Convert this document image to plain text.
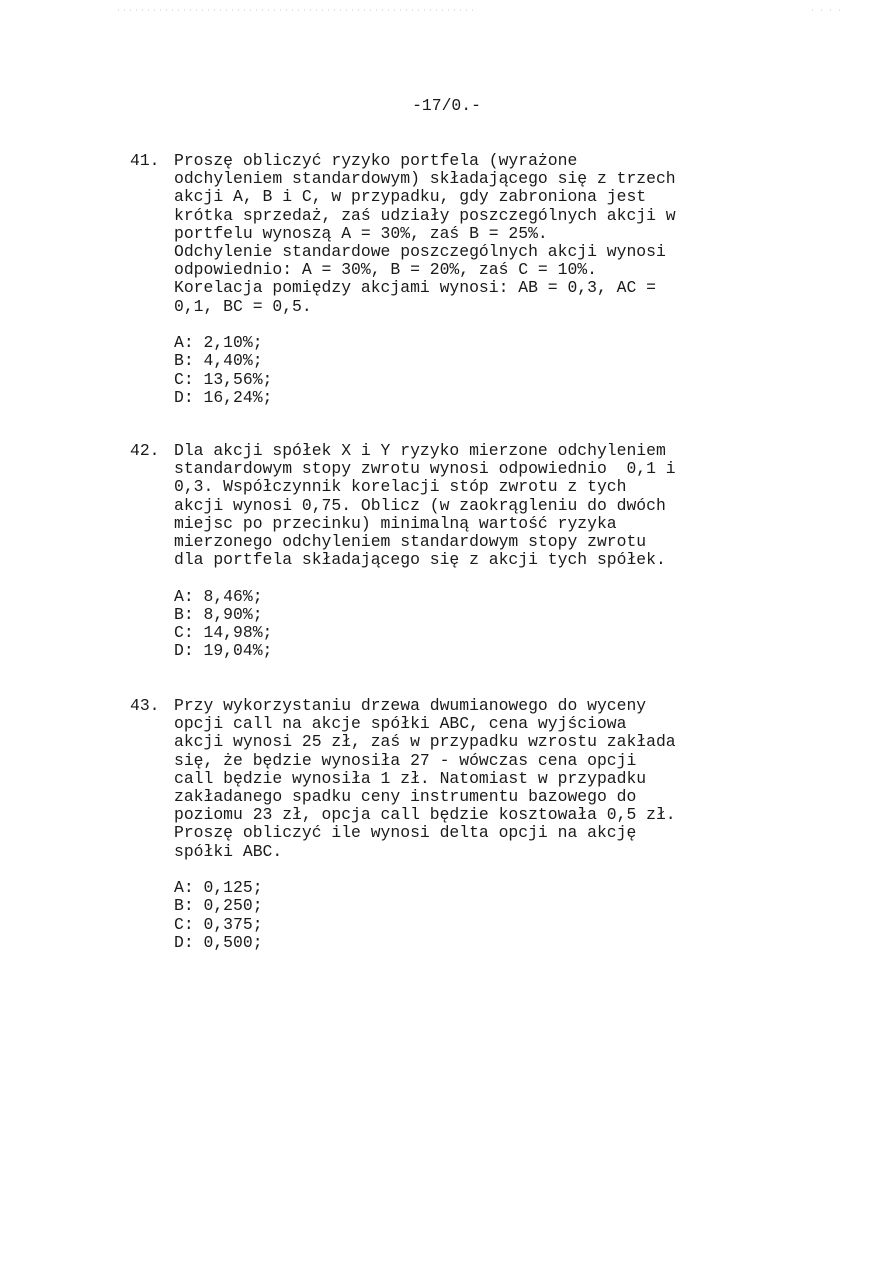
-17/0.-
41. Proszę obliczyć ryzyko portfela (wyrażone
odchyleniem standardowym) składającego się z trzech
akcji A, B i C, w przypadku, gdy zabroniona jest
krótka sprzedaż, zaś udziały poszczególnych akcji w
portfelu wynoszą A = 30%, zaś B = 25%.
Odchylenie standardowe poszczególnych akcji wynosi
odpowiednio: A = 30%, B = 20%, zaś C = 10%.
Korelacja pomiędzy akcjami wynosi: AB = 0,3, AC =
0,1, BC = 0,5.
A: 2,10%;
B: 4,40%;
C: 13,56%;
D: 16,24%;
42. Dla akcji spółek X i Y ryzyko mierzone odchyleniem
standardowym stopy zwrotu wynosi odpowiednio  0,1 i
0,3. Współczynnik korelacji stóp zwrotu z tych
akcji wynosi 0,75. Oblicz (w zaokrągleniu do dwóch
miejsc po przecinku) minimalną wartość ryzyka
mierzonego odchyleniem standardowym stopy zwrotu
dla portfela składającego się z akcji tych spółek.
A: 8,46%;
B: 8,90%;
C: 14,98%;
D: 19,04%;
43. Przy wykorzystaniu drzewa dwumianowego do wyceny
opcji call na akcje spółki ABC, cena wyjściowa
akcji wynosi 25 zł, zaś w przypadku wzrostu zakłada
się, że będzie wynosiła 27 - wówczas cena opcji
call będzie wynosiła 1 zł. Natomiast w przypadku
zakładanego spadku ceny instrumentu bazowego do
poziomu 23 zł, opcja call będzie kosztowała 0,5 zł.
Proszę obliczyć ile wynosi delta opcji na akcję
spółki ABC.
A: 0,125;
B: 0,250;
C: 0,375;
D: 0,500;
